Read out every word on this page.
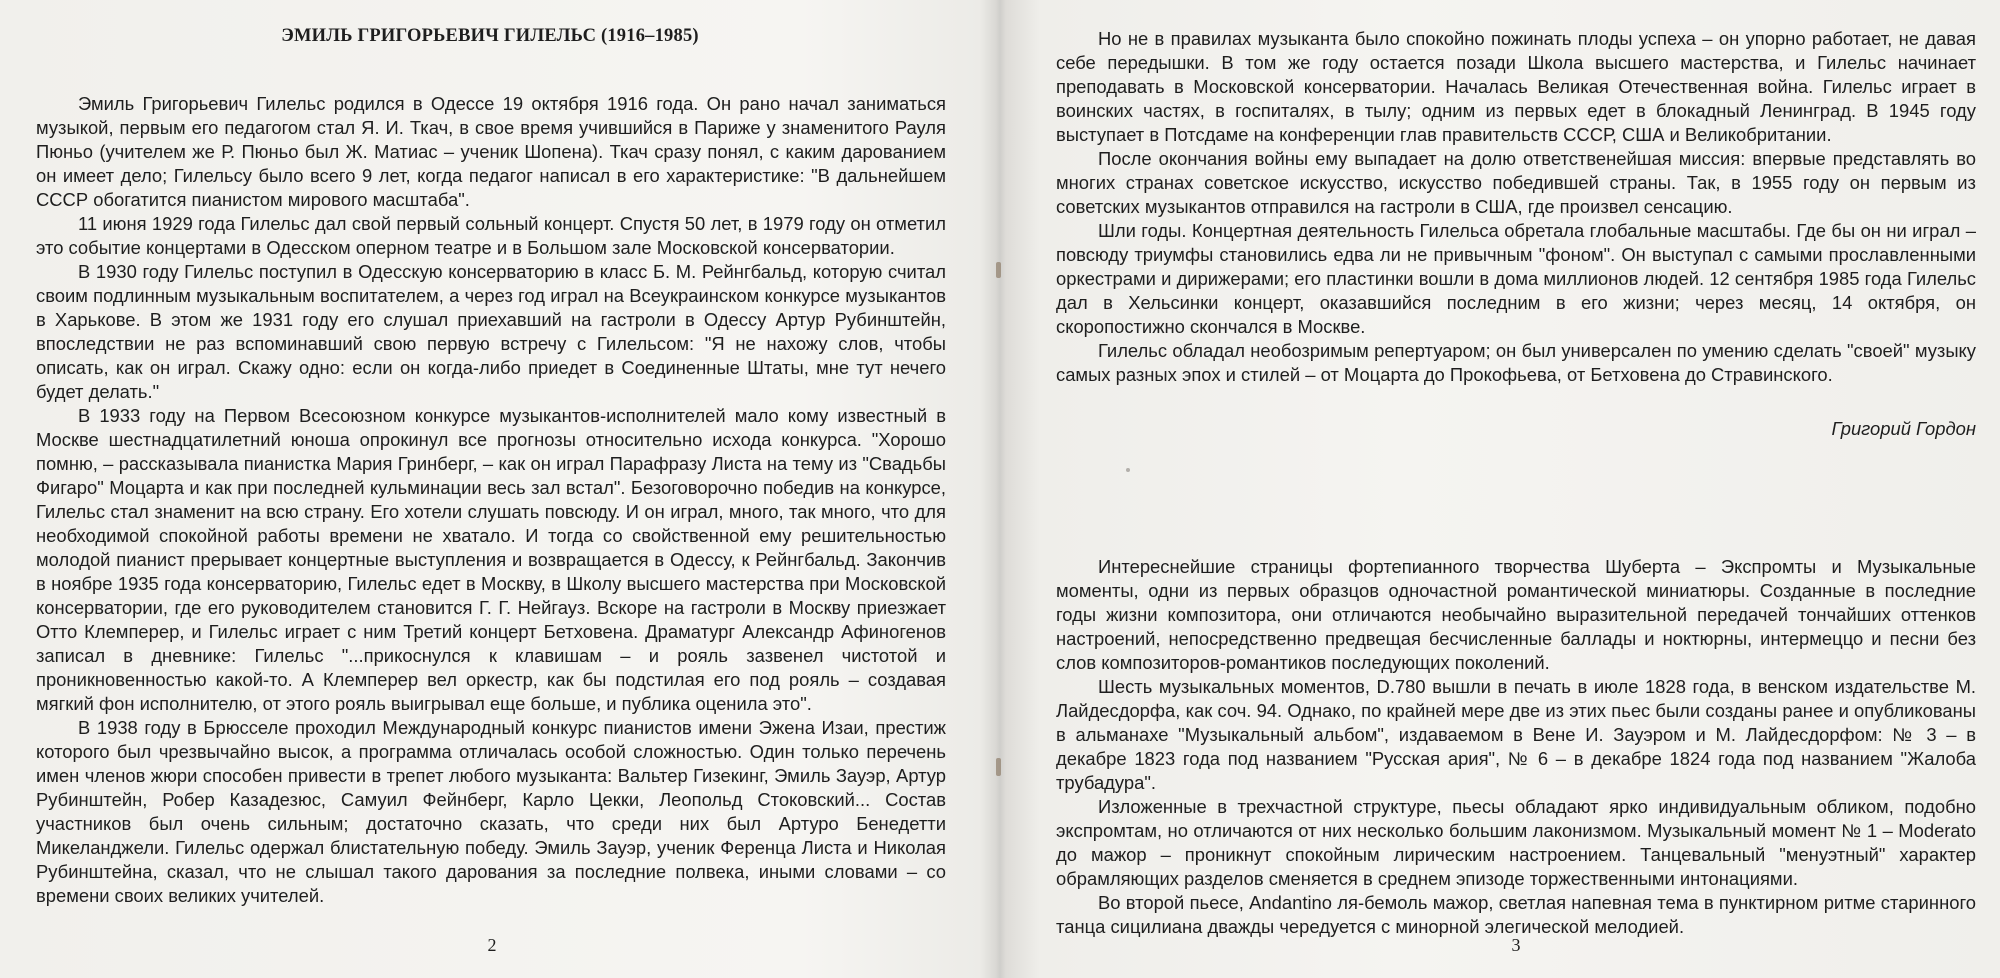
ЭМИЛЬ ГРИГОРЬЕВИЧ ГИЛЕЛЬС (1916–1985)

Эмиль Григорьевич Гилельс родился в Одессе 19 октября 1916 года. Он рано начал заниматься музыкой, первым его педагогом стал Я. И. Ткач, в свое время учившийся в Париже у знаменитого Рауля Пюньо (учителем же Р. Пюньо был Ж. Матиас – ученик Шопена). Ткач сразу понял, с каким дарованием он имеет дело; Гилельсу было всего 9 лет, когда педагог написал в его характеристике: "В дальнейшем СССР обогатится пианистом мирового масштаба".

11 июня 1929 года Гилельс дал свой первый сольный концерт. Спустя 50 лет, в 1979 году он отметил это событие концертами в Одесском оперном театре и в Большом зале Московской консерватории.

В 1930 году Гилельс поступил в Одесскую консерваторию в класс Б. М. Рейнгбальд, которую считал своим подлинным музыкальным воспитателем, а через год играл на Всеукраинском конкурсе музыкантов в Харькове. В этом же 1931 году его слушал приехавший на гастроли в Одессу Артур Рубинштейн, впоследствии не раз вспоминавший свою первую встречу с Гилельсом: "Я не нахожу слов, чтобы описать, как он играл. Скажу одно: если он когда-либо приедет в Соединенные Штаты, мне тут нечего будет делать."

В 1933 году на Первом Всесоюзном конкурсе музыкантов-исполнителей мало кому известный в Москве шестнадцатилетний юноша опрокинул все прогнозы относительно исхода конкурса. "Хорошо помню, – рассказывала пианистка Мария Гринберг, – как он играл Парафразу Листа на тему из "Свадьбы Фигаро" Моцарта и как при последней кульминации весь зал встал". Безоговорочно победив на конкурсе, Гилельс стал знаменит на всю страну. Его хотели слушать повсюду. И он играл, много, так много, что для необходимой спокойной работы времени не хватало. И тогда со свойственной ему решительностью молодой пианист прерывает концертные выступления и возвращается в Одессу, к Рейнгбальд. Закончив в ноябре 1935 года консерваторию, Гилельс едет в Москву, в Школу высшего мастерства при Московской консерватории, где его руководителем становится Г. Г. Нейгауз. Вскоре на гастроли в Москву приезжает Отто Клемперер, и Гилельс играет с ним Третий концерт Бетховена. Драматург Александр Афиногенов записал в дневнике: Гилельс "...прикоснулся к клавишам – и рояль зазвенел чистотой и проникновенностью какой-то. А Клемперер вел оркестр, как бы подстилая его под рояль – создавая мягкий фон исполнителю, от этого рояль выигрывал еще больше, и публика оценила это".

В 1938 году в Брюсселе проходил Международный конкурс пианистов имени Эжена Изаи, престиж которого был чрезвычайно высок, а программа отличалась особой сложностью. Один только перечень имен членов жюри способен привести в трепет любого музыканта: Вальтер Гизекинг, Эмиль Зауэр, Артур Рубинштейн, Робер Казадезюс, Самуил Фейнберг, Карло Цекки, Леопольд Стоковский... Состав участников был очень сильным; достаточно сказать, что среди них был Артуро Бенедетти Микеланджели. Гилельс одержал блистательную победу. Эмиль Зауэр, ученик Ференца Листа и Николая Рубинштейна, сказал, что не слышал такого дарования за последние полвека, иными словами – со времени своих великих учителей.

2

Но не в правилах музыканта было спокойно пожинать плоды успеха – он упорно работает, не давая себе передышки. В том же году остается позади Школа высшего мастерства, и Гилельс начинает преподавать в Московской консерватории. Началась Великая Отечественная война. Гилельс играет в воинских частях, в госпиталях, в тылу; одним из первых едет в блокадный Ленинград. В 1945 году выступает в Потсдаме на конференции глав правительств СССР, США и Великобритании.

После окончания войны ему выпадает на долю ответственейшая миссия: впервые представлять во многих странах советское искусство, искусство победившей страны. Так, в 1955 году он первым из советских музыкантов отправился на гастроли в США, где произвел сенсацию.

Шли годы. Концертная деятельность Гилельса обретала глобальные масштабы. Где бы он ни играл – повсюду триумфы становились едва ли не привычным "фоном". Он выступал с самыми прославленными оркестрами и дирижерами; его пластинки вошли в дома миллионов людей. 12 сентября 1985 года Гилельс дал в Хельсинки концерт, оказавшийся последним в его жизни; через месяц, 14 октября, он скоропостижно скончался в Москве.

Гилельс обладал необозримым репертуаром; он был универсален по умению сделать "своей" музыку самых разных эпох и стилей – от Моцарта до Прокофьева, от Бетховена до Стравинского.

Григорий Гордон

Интереснейшие страницы фортепианного творчества Шуберта – Экспромты и Музыкальные моменты, одни из первых образцов одночастной романтической миниатюры. Созданные в последние годы жизни композитора, они отличаются необычайно выразительной передачей тончайших оттенков настроений, непосредственно предвещая бесчисленные баллады и ноктюрны, интермеццо и песни без слов композиторов-романтиков последующих поколений.

Шесть музыкальных моментов, D.780 вышли в печать в июле 1828 года, в венском издательстве М. Лайдесдорфа, как соч. 94. Однако, по крайней мере две из этих пьес были созданы ранее и опубликованы в альманахе "Музыкальный альбом", издаваемом в Вене И. Зауэром и М. Лайдесдорфом: № 3 – в декабре 1823 года под названием "Русская ария", № 6 – в декабре 1824 года под названием "Жалоба трубадура".

Изложенные в трехчастной структуре, пьесы обладают ярко индивидуальным обликом, подобно экспромтам, но отличаются от них несколько большим лаконизмом. Музыкальный момент № 1 – Moderato до мажор – проникнут спокойным лирическим настроением. Танцевальный "менуэтный" характер обрамляющих разделов сменяется в среднем эпизоде торжественными интонациями.

Во второй пьесе, Andantino ля-бемоль мажор, светлая напевная тема в пунктирном ритме старинного танца сицилиана дважды чередуется с минорной элегической мелодией.

3
